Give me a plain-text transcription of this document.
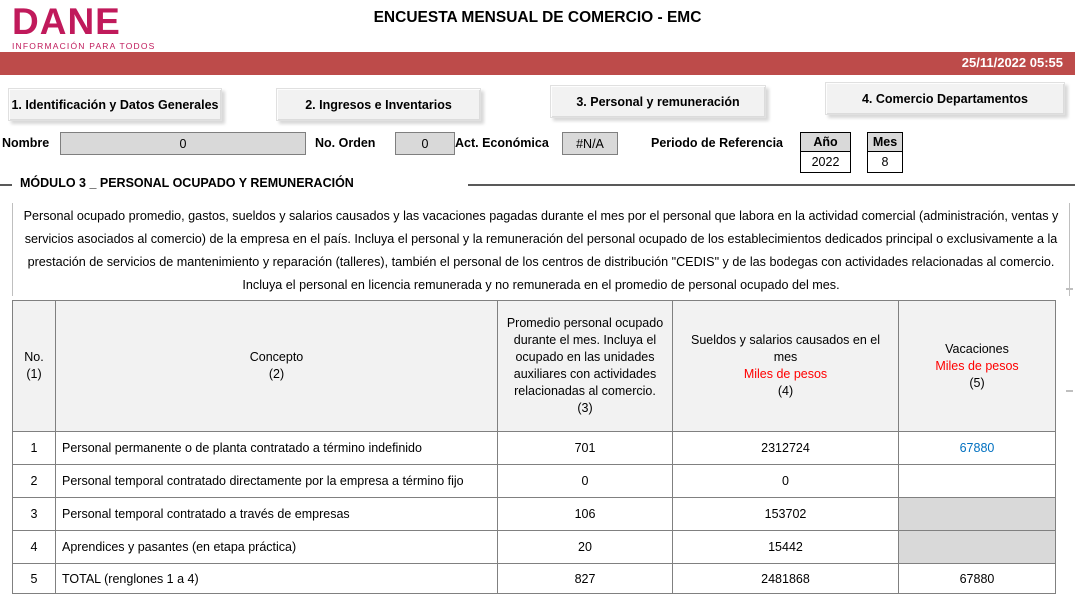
DANE
INFORMACIÓN PARA TODOS
ENCUESTA MENSUAL DE COMERCIO - EMC
25/11/2022 05:55
1. Identificación y Datos Generales	2. Ingresos e Inventarios	3. Personal y remuneración	4. Comercio Departamentos
Nombre	0	No. Orden	0	Act. Económica	#N/A	Periodo de Referencia	Año
2022
Mes
8
MÓDULO 3 _ PERSONAL OCUPADO Y REMUNERACIÓN
Personal ocupado promedio, gastos, sueldos y salarios causados y las vacaciones pagadas durante el mes por el personal que labora en la actividad comercial (administración, ventas y servicios asociados al comercio) de la empresa en el país. Incluya el personal y la remuneración del personal ocupado de los establecimientos dedicados principal o exclusivamente a la prestación de servicios de mantenimiento y reparación (talleres), también el personal de los centros de distribución "CEDIS" y de las bodegas con actividades relacionadas al comercio. Incluya el personal en licencia remunerada y no remunerada en el promedio de personal ocupado del mes.
No.
(1)

Concepto
(2)

Promedio personal ocupado durante el mes. Incluya el ocupado en las unidades auxiliares con actividades relacionadas al comercio.
(3)

Sueldos y salarios causados en el mes
Miles de pesos
(4)

Vacaciones
Miles de pesos
(5)

1	Personal permanente o de planta contratado a término indefinido	701	2312724	67880
2	Personal temporal contratado directamente por la empresa a término fijo	0	0	
3	Personal temporal contratado a través de empresas	106	153702	
4	Aprendices y pasantes (en etapa práctica)	20	15442	
5	TOTAL (renglones 1 a 4)	827	2481868	67880
